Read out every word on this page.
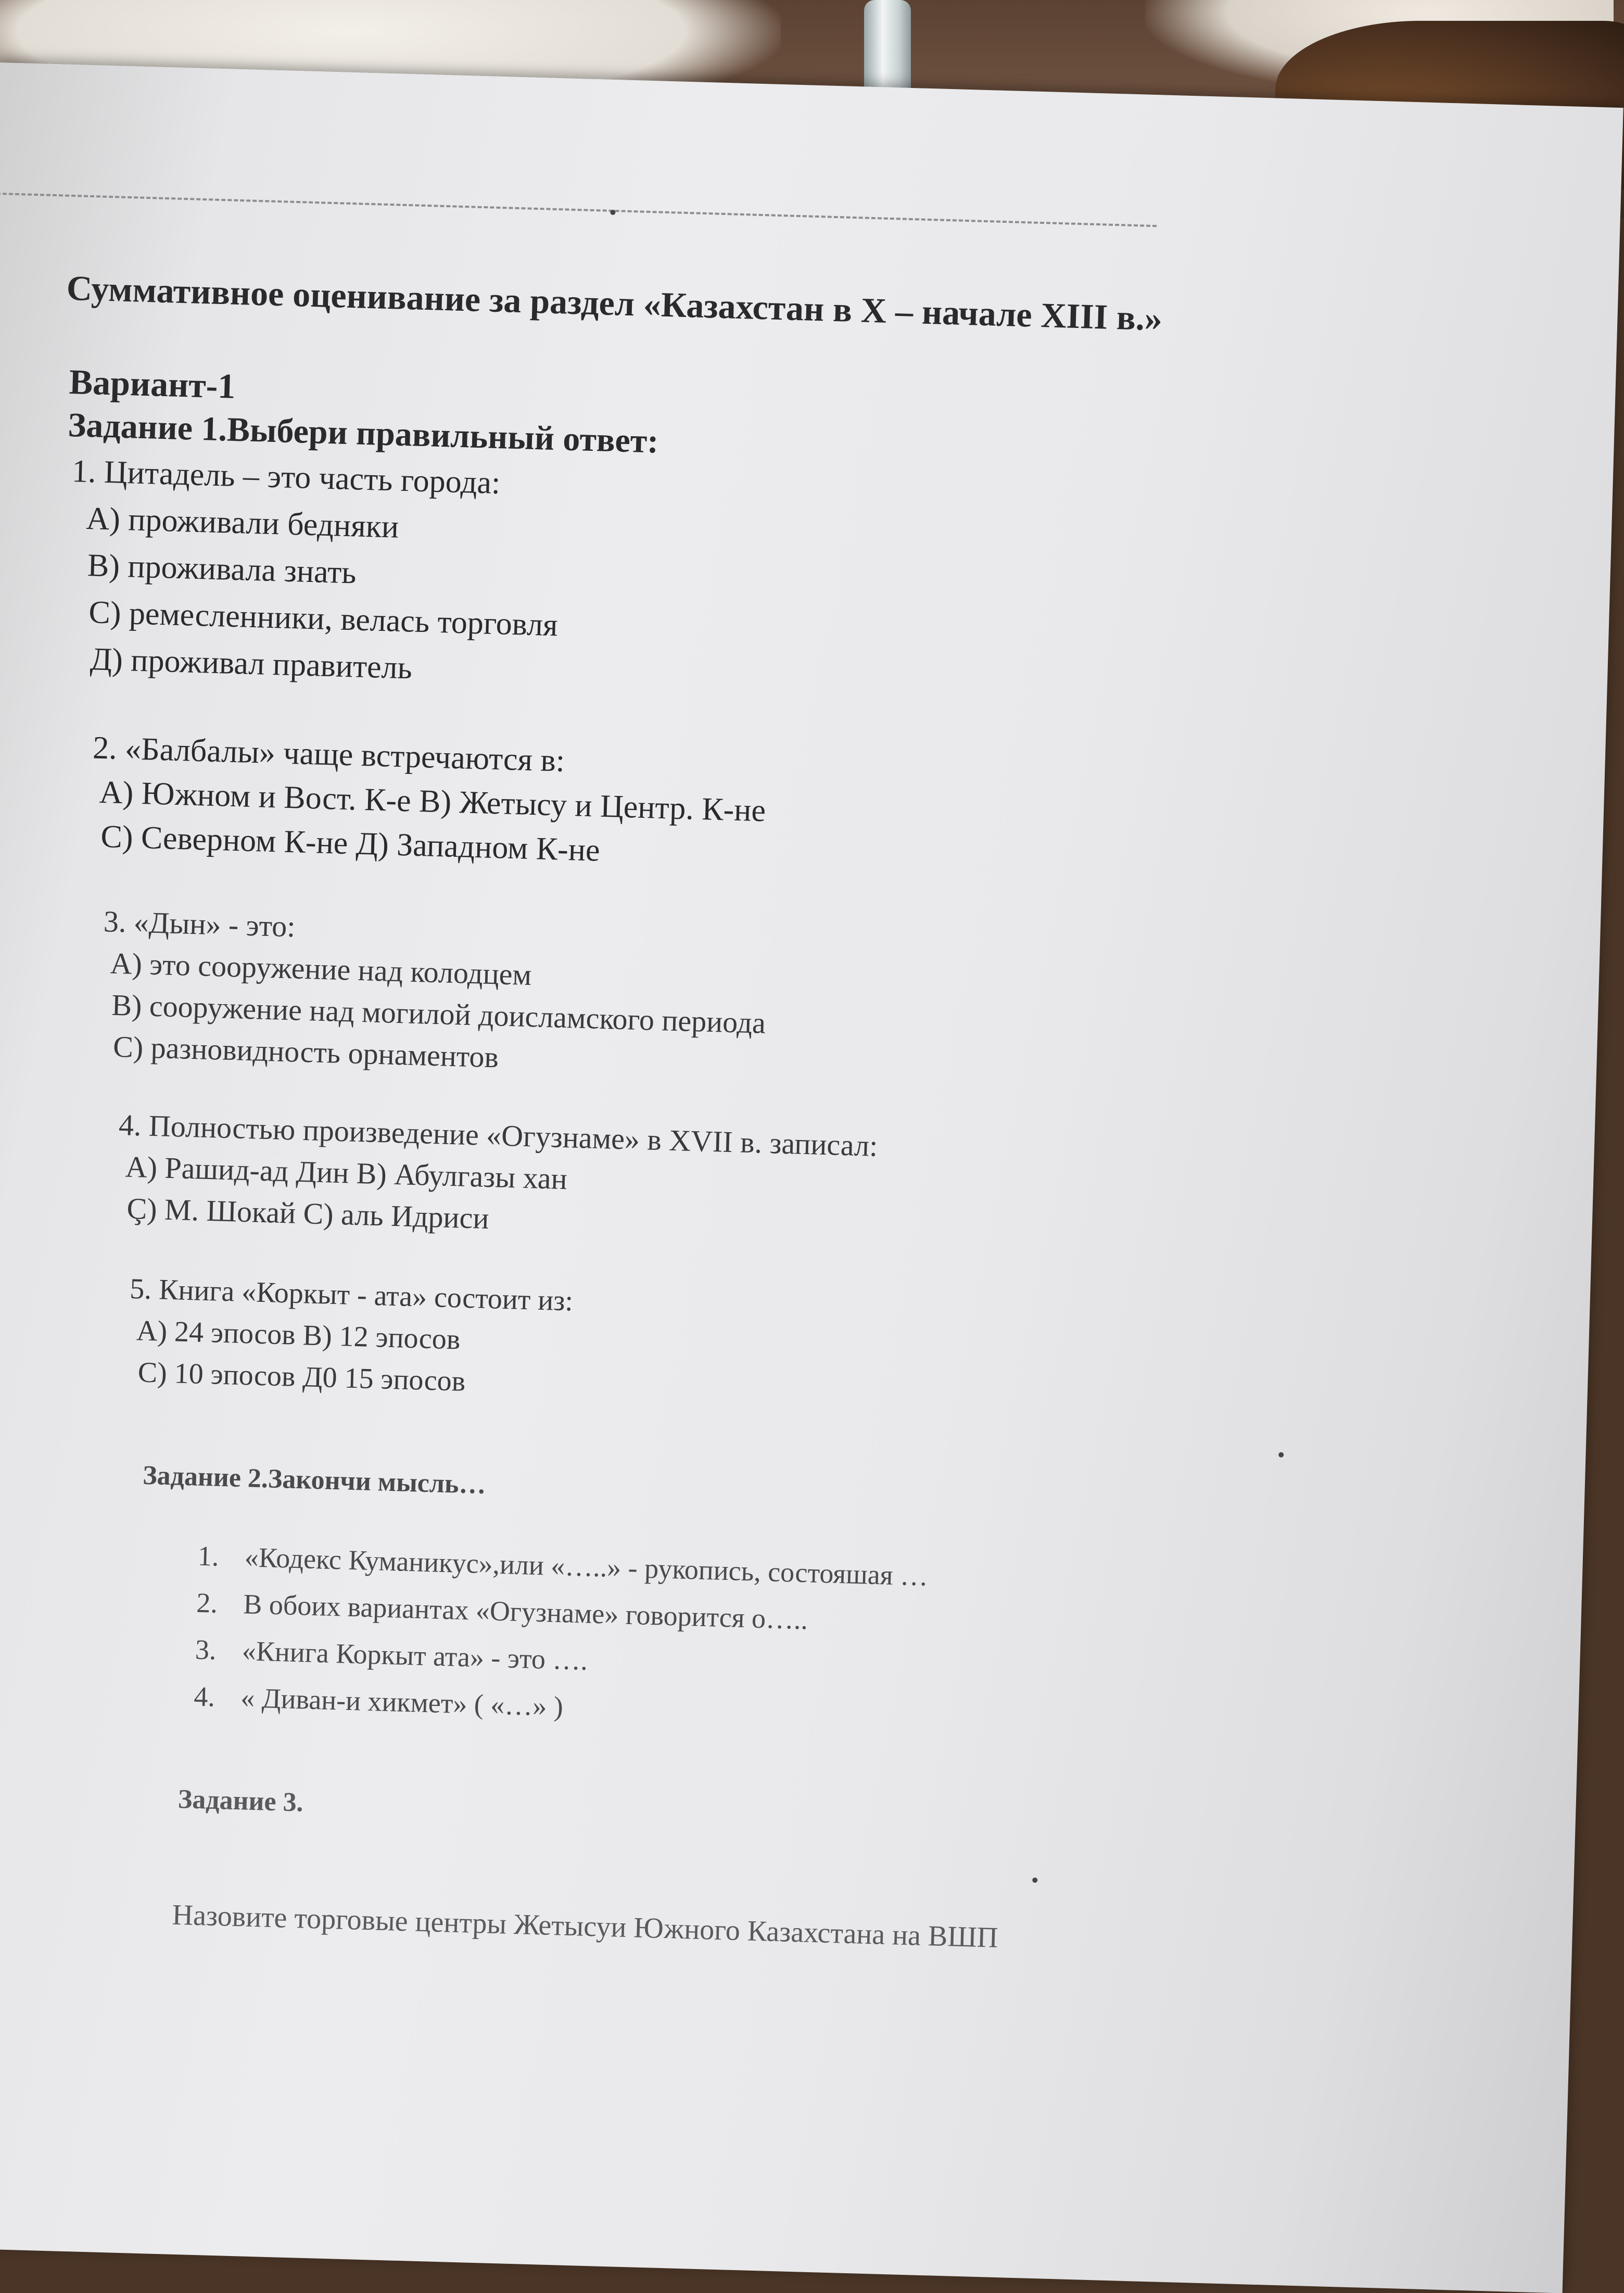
Суммативное оценивание за раздел «Казахстан в Х – начале ХIII в.»
Вариант-1
Задание 1.Выбери правильный ответ:
1. Цитадель – это часть города:
А) проживали бедняки
В) проживала знать
С) ремесленники, велась торговля
Д) проживал правитель
2. «Балбалы» чаще встречаются в:
А) Южном и Вост. К-е В) Жетысу и Центр. К-не
С) Северном К-не Д) Западном К-не
3. «Дын» - это:
А) это сооружение над колодцем
В) сооружение над могилой доисламского периода
С) разновидность орнаментов
4. Полностью произведение «Огузнаме» в XVII в. записал:
А) Рашид-ад Дин В) Абулгазы хан
Ç) М. Шокай С) аль Идриси
5. Книга «Коркыт - ата» состоит из:
А) 24 эпосов В) 12 эпосов
С) 10 эпосов Д0 15 эпосов
Задание 2.Закончи мысль…
1. «Кодекс Куманикус»,или «…..» - рукопись, состояшая …
2. В обоих вариантах «Огузнаме» говорится о…..
3. «Книга Коркыт ата» - это ….
4. « Диван-и хикмет» ( «…» )
Задание 3.
Назовите торговые центры Жетысуи Южного Казахстана на ВШП
